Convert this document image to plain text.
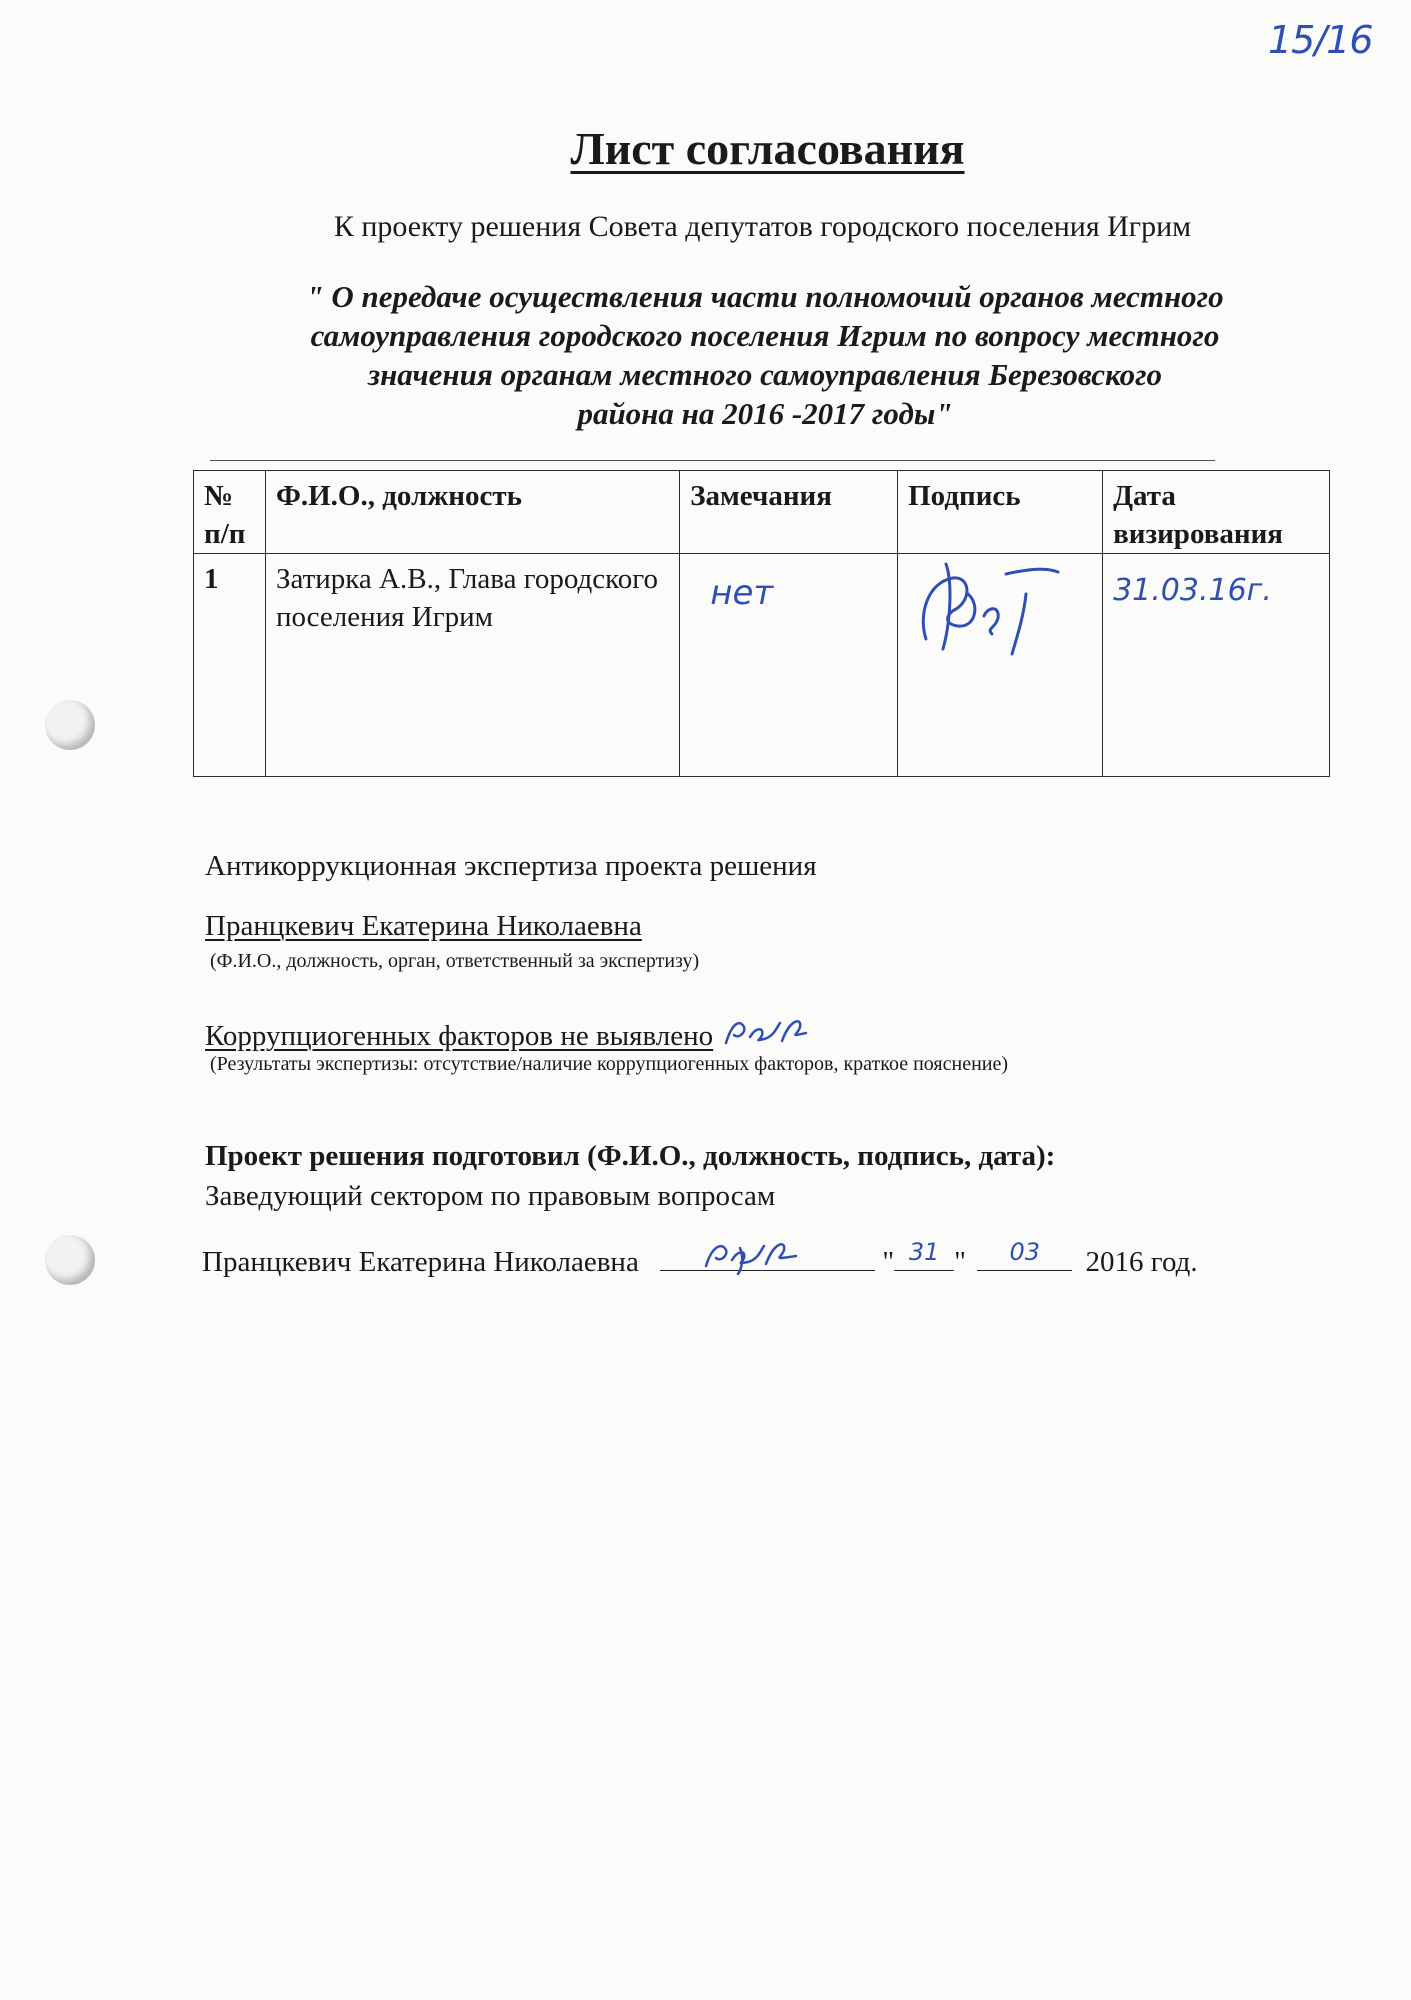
15/16
Лист согласования
К проекту решения Совета депутатов городского поселения Игрим
" О передаче осуществления части полномочий органов местного
самоуправления городского поселения Игрим по вопросу местного
значения органам местного самоуправления Березовского
района на 2016 -2017 годы"
№ п/п	Ф.И.О., должность	Замечания	Подпись	Дата визирования

1	Затирка А.В., Глава городского поселения Игрим	нет		31.03.16г.
Антикоррукционная экспертиза проекта решения
Пранцкевич Екатерина Николаевна
(Ф.И.О., должность, орган, ответственный за экспертизу)
Коррупциогенных факторов не выявлено
(Результаты экспертизы: отсутствие/наличие коррупциогенных факторов, краткое пояснение)
Проект решения подготовил (Ф.И.О., должность, подпись, дата):
Заведующий сектором по правовым вопросам
Пранцкевич Екатерина Николаевна	" 31 "	03	2016 год.
